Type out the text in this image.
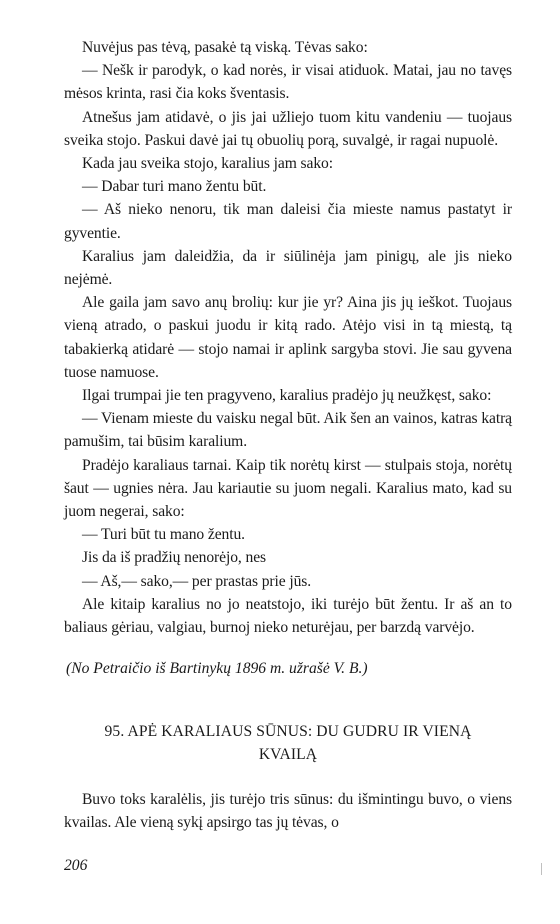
Nuvėjus pas tėvą, pasakė tą viską. Tėvas sako:

— Nešk ir parodyk, o kad norės, ir visai atiduok. Matai, jau no tavęs mėsos krinta, rasi čia koks šventasis.

Atnešus jam atidavė, o jis jai užliejo tuom kitu vandeniu — tuojaus sveika stojo. Paskui davė jai tų obuolių porą, suvalgė, ir ragai nupuolė.

Kada jau sveika stojo, karalius jam sako:

— Dabar turi mano žentu būt.

— Aš nieko nenoru, tik man daleisi čia mieste namus pastatyt ir gyventie.

Karalius jam daleidžia, da ir siūlinėja jam pinigų, ale jis nieko nejėmė.

Ale gaila jam savo anų brolių: kur jie yr? Aina jis jų ieškot. Tuojaus vieną atrado, o paskui juodu ir kitą rado. Atėjo visi in tą miestą, tą tabakierką atidarė — stojo namai ir aplink sargyba stovi. Jie sau gyvena tuose namuose.

Ilgai trumpai jie ten pragyveno, karalius pradėjo jų neužkęst, sako:

— Vienam mieste du vaisku negal būt. Aik šen an vainos, katras katrą pamušim, tai būsim karalium.

Pradėjo karaliaus tarnai. Kaip tik norėtų kirst — stulpais stoja, norėtų šaut — ugnies nėra. Jau kariautie su juom negali. Karalius mato, kad su juom negerai, sako:

— Turi būt tu mano žentu.

Jis da iš pradžių nenorėjo, nes

— Aš,— sako,— per prastas prie jūs.

Ale kitaip karalius no jo neatstojo, iki turėjo būt žentu. Ir aš an to baliaus gėriau, valgiau, burnoj nieko neturėjau, per barzdą varvėjo.

(No Petraičio iš Bartinykų 1896 m. užrašė V. B.)

95. APĖ KARALIAUS SŪNUS: DU GUDRU IR VIENĄ
KVAILĄ

Buvo toks karalėlis, jis turėjo tris sūnus: du išmintingu buvo, o viens kvailas. Ale vieną sykį apsirgo tas jų tėvas, o

206
